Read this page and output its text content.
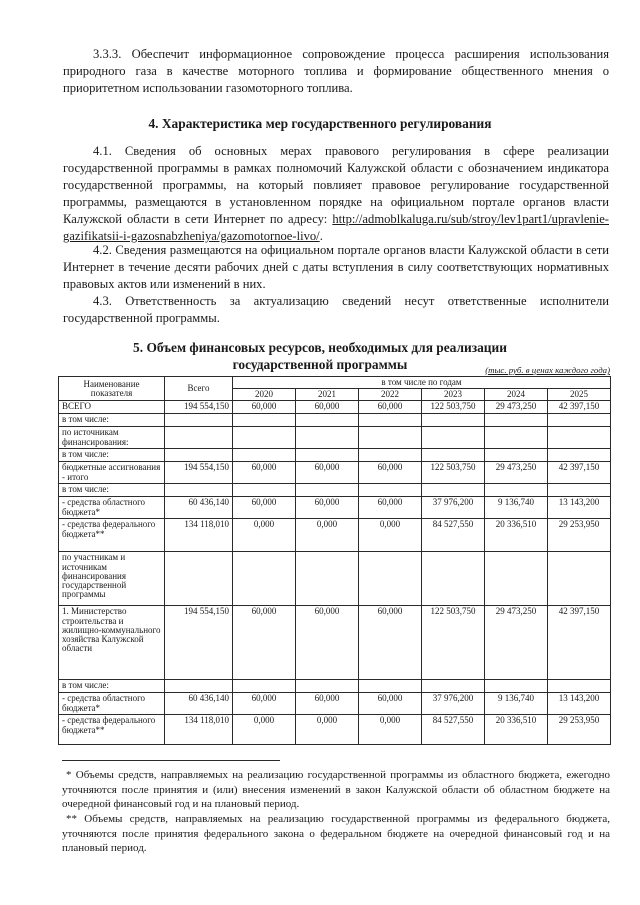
3.3.3. Обеспечит информационное сопровождение процесса расширения использования природного газа в качестве моторного топлива и формирование общественного мнения о приоритетном использовании газомоторного топлива.

4. Характеристика мер государственного регулирования

4.1. Сведения об основных мерах правового регулирования в сфере реализации государственной программы в рамках полномочий Калужской области с обозначением индикатора государственной программы, на который повлияет правовое регулирование государственной программы, размещаются в установленном порядке на официальном портале органов власти Калужской области в сети Интернет по адресу: http://admoblkaluga.ru/sub/stroy/lev1part1/upravlenie-gazifikatsii-i-gazosnabzheniya/gazomotornoe-livo/.

4.2. Сведения размещаются на официальном портале органов власти Калужской области в сети Интернет в течение десяти рабочих дней с даты вступления в силу соответствующих нормативных правовых актов или изменений в них.

4.3. Ответственность за актуализацию сведений несут ответственные исполнители государственной программы.

5. Объем финансовых ресурсов, необходимых для реализации
государственной программы	(тыс. руб. в ценах каждого года)
Наименование показателя	Всего	в том числе по годам					
		2020	2021	2022	2023	2024	2025
ВСЕГО	194 554,150	60,000	60,000	60,000	122 503,750	29 473,250	42 397,150
в том числе:							
по источникам финансирования:							
в том числе:							
бюджетные ассигнования - итого	194 554,150	60,000	60,000	60,000	122 503,750	29 473,250	42 397,150
в том числе:							
- средства областного бюджета*	60 436,140	60,000	60,000	60,000	37 976,200	9 136,740	13 143,200
- средства федерального бюджета**	134 118,010	0,000	0,000	0,000	84 527,550	20 336,510	29 253,950
по участникам и источникам финансирования государственной программы							
1. Министерство строительства и жилищно-коммунального хозяйства Калужской области	194 554,150	60,000	60,000	60,000	122 503,750	29 473,250	42 397,150
в том числе:							
- средства областного бюджета*	60 436,140	60,000	60,000	60,000	37 976,200	9 136,740	13 143,200
- средства федерального бюджета**	134 118,010	0,000	0,000	0,000	84 527,550	20 336,510	29 253,950

* Объемы средств, направляемых на реализацию государственной программы из областного бюджета, ежегодно уточняются после принятия и (или) внесения изменений в закон Калужской области об областном бюджете на очередной финансовый год и на плановый период.

** Объемы средств, направляемых на реализацию государственной программы из федерального бюджета, уточняются после принятия федерального закона о федеральном бюджете на очередной финансовый год и на плановый период.
